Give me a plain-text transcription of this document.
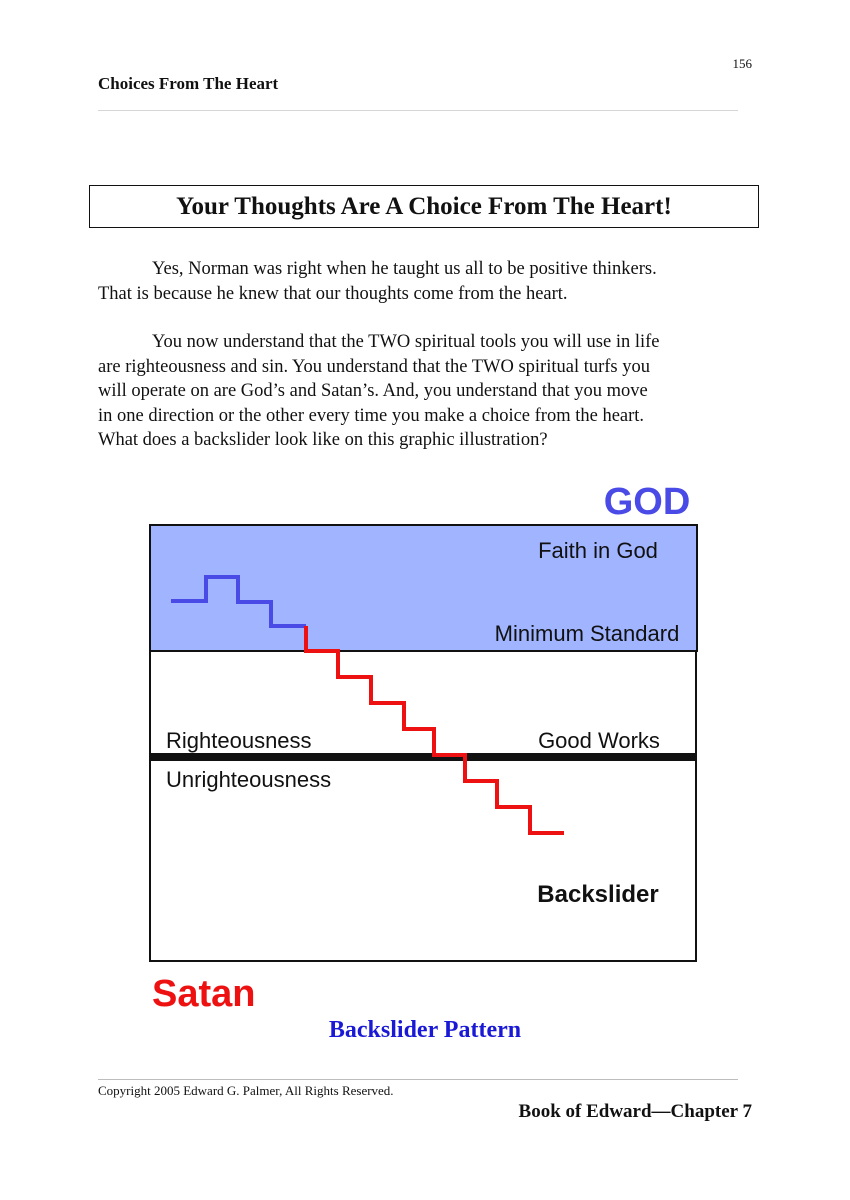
156
Choices From The Heart
Your Thoughts Are A Choice From The Heart!

Yes, Norman was right when he taught us all to be positive thinkers.
That is because he knew that our thoughts come from the heart.

You now understand that the TWO spiritual tools you will use in life
are righteousness and sin. You understand that the TWO spiritual turfs you
will operate on are God’s and Satan’s. And, you understand that you move
in one direction or the other every time you make a choice from the heart.
What does a backslider look like on this graphic illustration?

GOD
Faith in God
Minimum Standard
Righteousness	Good Works
Unrighteousness
Backslider
Satan
Backslider Pattern
Copyright 2005 Edward G. Palmer, All Rights Reserved.
Book of Edward—Chapter 7
